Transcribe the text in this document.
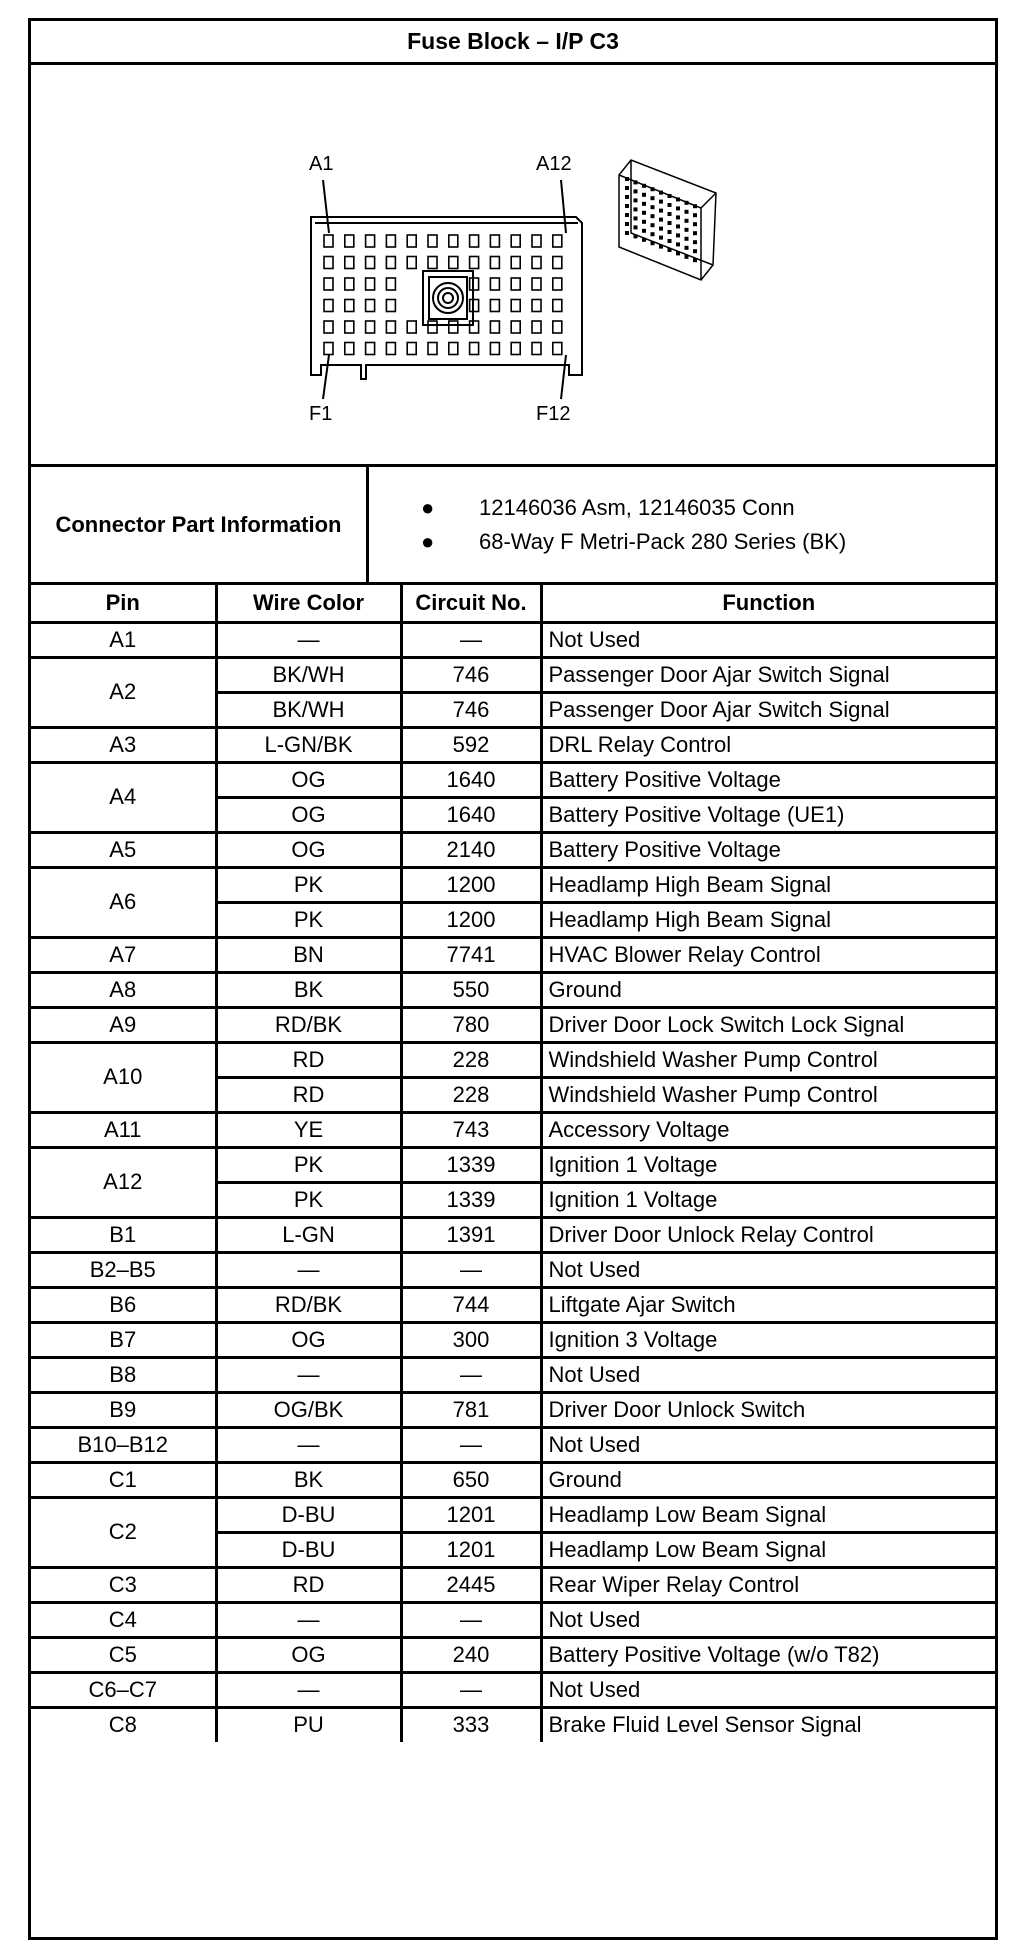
Fuse Block – I/P C3
A1	A12
F1	F12
Connector Part Information
●	12146036 Asm, 12146035 Conn
●	68-Way F Metri-Pack 280 Series (BK)
Pin	Wire Color	Circuit No.	Function
A1	—	—	Not Used
A2	BK/WH	746	Passenger Door Ajar Switch Signal
	BK/WH	746	Passenger Door Ajar Switch Signal
A3	L-GN/BK	592	DRL Relay Control
A4	OG	1640	Battery Positive Voltage
	OG	1640	Battery Positive Voltage (UE1)
A5	OG	2140	Battery Positive Voltage
A6	PK	1200	Headlamp High Beam Signal
	PK	1200	Headlamp High Beam Signal
A7	BN	7741	HVAC Blower Relay Control
A8	BK	550	Ground
A9	RD/BK	780	Driver Door Lock Switch Lock Signal
A10	RD	228	Windshield Washer Pump Control
	RD	228	Windshield Washer Pump Control
A11	YE	743	Accessory Voltage
A12	PK	1339	Ignition 1 Voltage
	PK	1339	Ignition 1 Voltage
B1	L-GN	1391	Driver Door Unlock Relay Control
B2–B5	—	—	Not Used
B6	RD/BK	744	Liftgate Ajar Switch
B7	OG	300	Ignition 3 Voltage
B8	—	—	Not Used
B9	OG/BK	781	Driver Door Unlock Switch
B10–B12	—	—	Not Used
C1	BK	650	Ground
C2	D-BU	1201	Headlamp Low Beam Signal
	D-BU	1201	Headlamp Low Beam Signal
C3	RD	2445	Rear Wiper Relay Control
C4	—	—	Not Used
C5	OG	240	Battery Positive Voltage (w/o T82)
C6–C7	—	—	Not Used
C8	PU	333	Brake Fluid Level Sensor Signal
